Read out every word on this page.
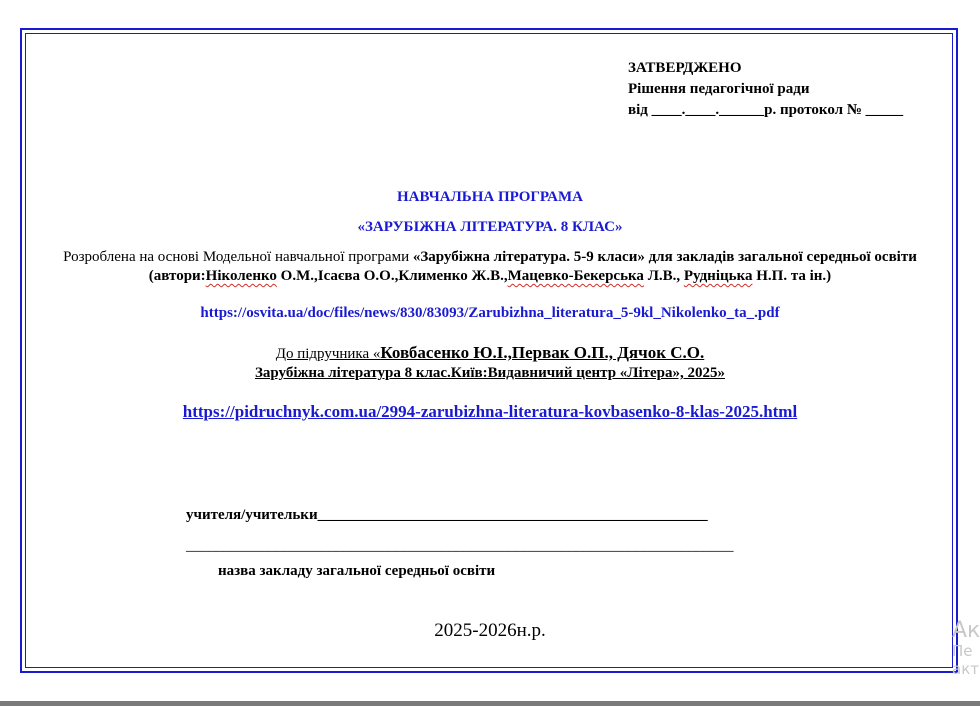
ЗАТВЕРДЖЕНО
Рішення педагогічної ради
від ____.____.______р. протокол № _____
НАВЧАЛЬНА ПРОГРАМА
«ЗАРУБІЖНА ЛІТЕРАТУРА. 8 КЛАС»
Розроблена на основі Модельної навчальної програми «Зарубіжна література. 5-9 класи» для закладів загальної середньої освіти (автори:Ніколенко О.М.,Ісаєва О.О.,Клименко Ж.В.,Мацевко-Бекерська Л.В., Рудніцька Н.П. та ін.)
https://osvita.ua/doc/files/news/830/83093/Zarubizhna_literatura_5-9kl_Nikolenko_ta_.pdf
До підручника «Ковбасенко Ю.І.,Первак О.П., Дячок С.О.
Зарубіжна література 8 клас.Київ:Видавничий центр «Літера», 2025»
https://pidruchnyk.com.ua/2994-zarubizhna-literatura-kovbasenko-8-klas-2025.html
учителя/учительки____________________________________________________
_________________________________________________________________________
назва закладу загальної середньої освіти
2025-2026н.р.	Ак
Пе
акт
